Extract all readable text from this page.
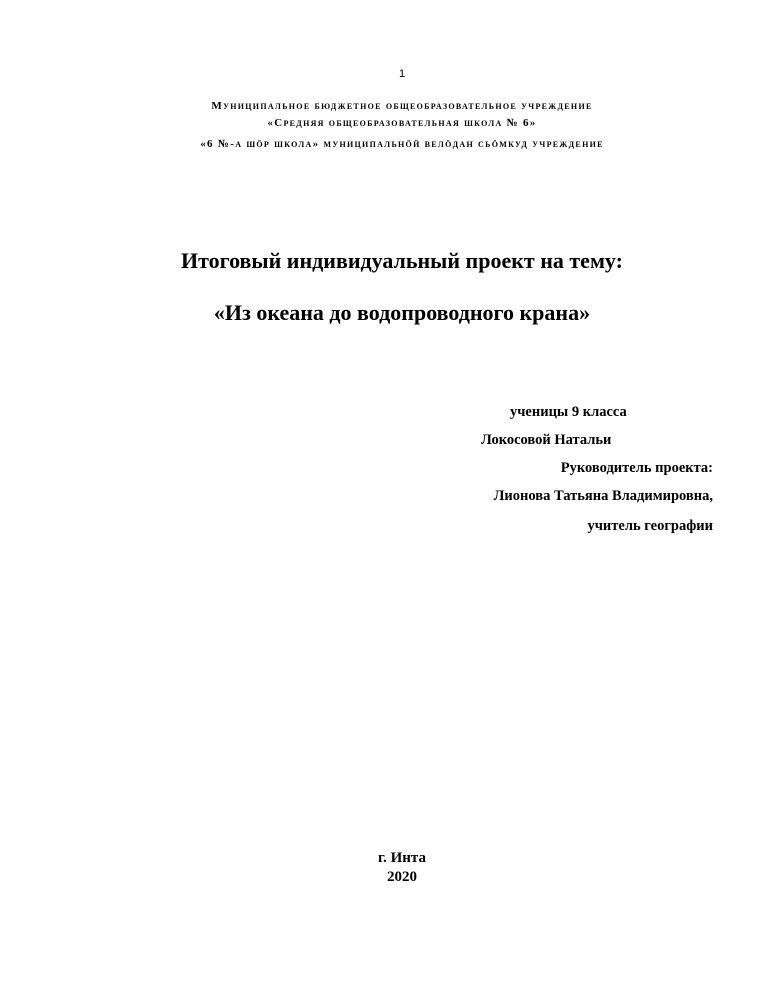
1
Муниципальное бюджетное общеобразовательное учреждение
«Средняя общеобразовательная школа № 6»
«6 №-а шӧр школа» муниципальнӧй велӧдан сьӧмкуд учреждение
Итоговый индивидуальный проект на тему:
«Из океана до водопроводного крана»
ученицы 9 класса
Локосовой Натальи
Руководитель проекта:
Лионова Татьяна Владимировна,
учитель географии
г. Инта
2020
